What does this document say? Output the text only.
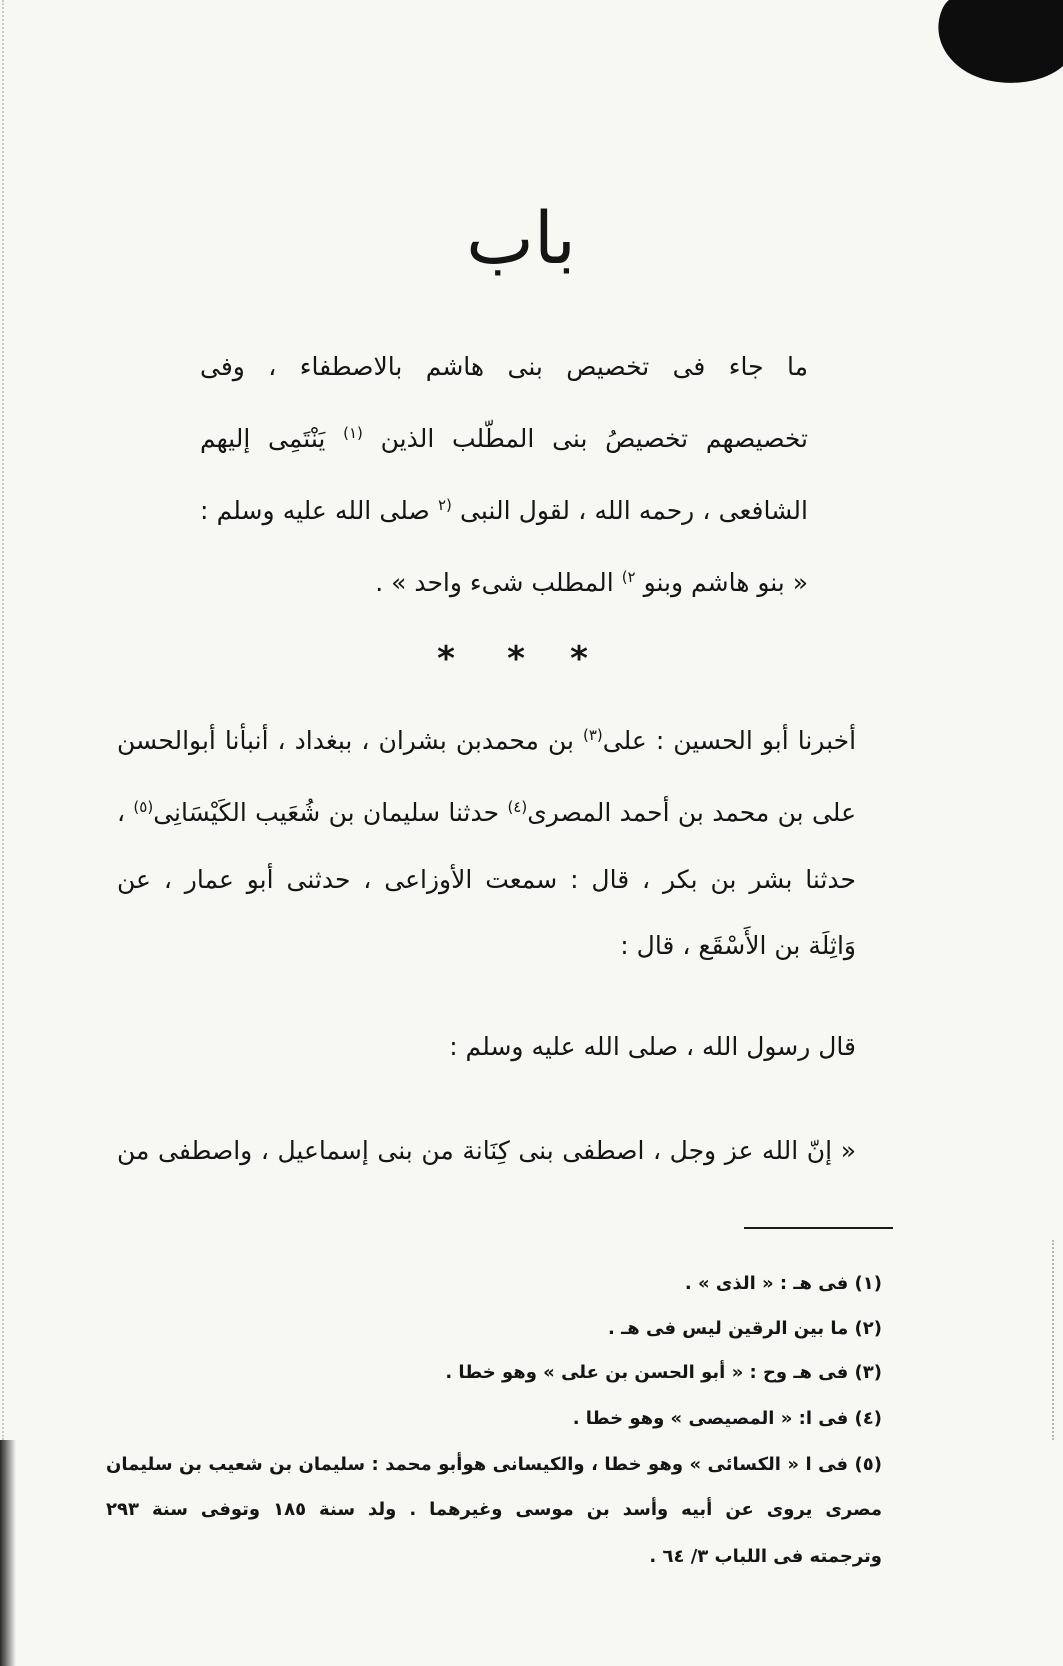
باب
ما جاء فى تخصيص بنى هاشم بالاصطفاء ، وفى
تخصيصهم تخصيصُ بنى المطّلب الذين $^{(١)}$ يَنْتَمِى إليهم
الشافعى ، رحمه الله ، لقول النبى $^{(٢}$ صلى الله عليه وسلم :
« بنو هاشم وبنو $^{٢)}$ المطلب شىء واحد » .
* * *
أخبرنا أبو الحسين : على$^{(٣)}$ بن محمدبن بشران ، ببغداد ، أنبأنا أبوالحسن
على بن محمد بن أحمد المصرى$^{(٤)}$ حدثنا سليمان بن شُعَيب الكَيْسَانِى$^{(٥)}$ ،
حدثنا بشر بن بكر ، قال : سمعت الأوزاعى ، حدثنى أبو عمار ، عن
وَاثِلَة بن الأَسْقَع ، قال :
قال رسول الله ، صلى الله عليه وسلم :
« إنّ الله عز وجل ، اصطفى بنى كِنَانة من بنى إسماعيل ، واصطفى من
(١) فى هـ : « الذى » .
(٢) ما بين الرقين ليس فى هـ .
(٣) فى هـ وح : « أبو الحسن بن على » وهو خطا .
(٤) فى ا: « المصيصى » وهو خطا .
(٥) فى ا « الكسائى » وهو خطا ، والكيسانى هوأبو محمد : سليمان بن شعيب بن سليمان
مصرى يروى عن أبيه وأسد بن موسى وغيرهما . ولد سنة ١٨٥ وتوفى سنة ٢٩٣
وترجمته فى اللباب ٣/ ٦٤ .
